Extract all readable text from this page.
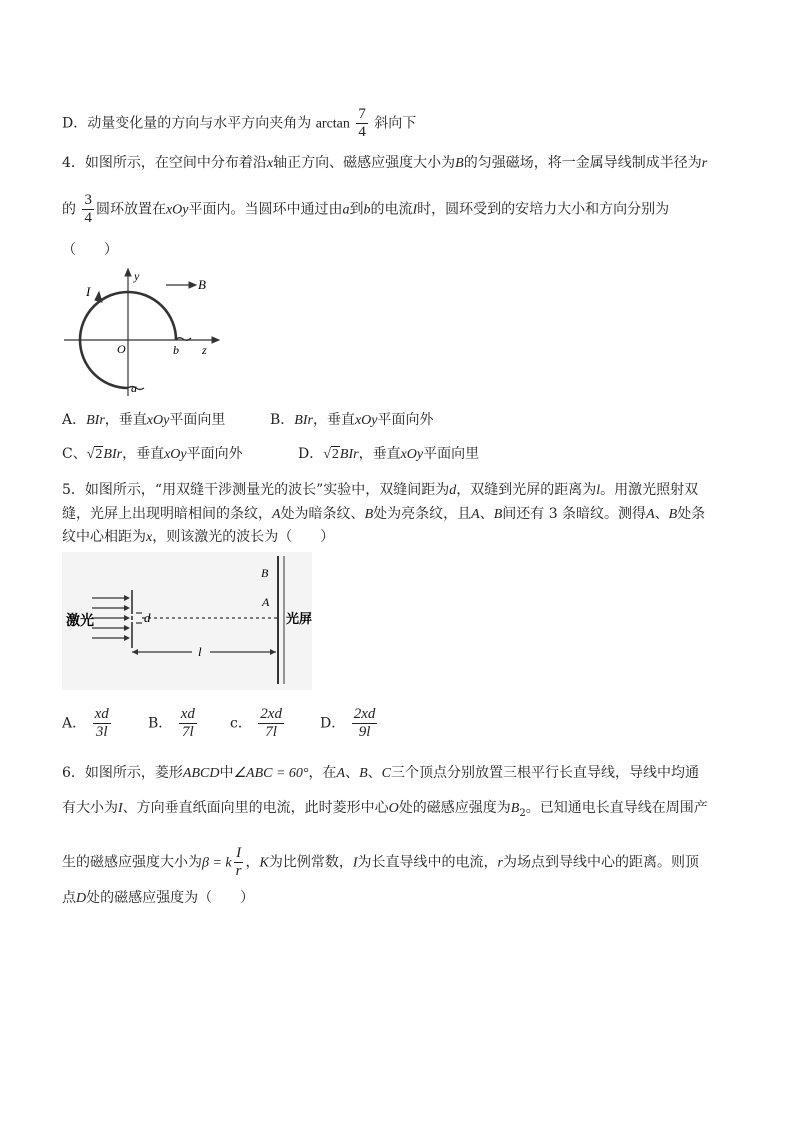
D．动量变化量的方向与水平方向夹角为 $\arctan \frac{7}{4}$ 斜向下
4．如图所示，在空间中分布着沿x轴正方向、磁感应强度大小为B的匀强磁场，将一金属导线制成半径为r
的 $\frac{3}{4}$ 圆环放置在xOy平面内。当圆环中通过由a到b的电流I时，圆环受到的安培力大小和方向分别为
（　　）
I
y
B
O	b z
a
A．BIr，垂直xOy平面向里	B．BIr，垂直xOy平面向外
C、√2BIr，垂直xOy平面向外	D．√2BIr，垂直xOy平面向里
5．如图所示，“用双缝干涉测量光的波长”实验中，双缝间距为d，双缝到光屏的距离为l。用激光照射双
缝，光屏上出现明暗相间的条纹，A处为暗条纹、B处为亮条纹，且A、B间还有 3 条暗纹。测得A、B处条
纹中心相距为x，则该激光的波长为（　　）
激光	d
l
光屏
A
B
A． $\frac{xd}{3l}$	B． $\frac{xd}{7l}$ c． $\frac{2xd}{7l}$	D． $\frac{2xd}{9l}$
6．如图所示，菱形ABCD中∠ABC = 60°，在A、B、C三个顶点分别放置三根平行长直导线，导线中均通
有大小为I、方向垂直纸面向里的电流，此时菱形中心O处的磁感应强度为$B_2$。已知通电长直导线在周围产
生的磁感应强度大小为β = k $\frac{I}{r}$ ，K为比例常数，I为长直导线中的电流，r为场点到导线中心的距离。则顶
点D处的磁感应强度为（　　）
